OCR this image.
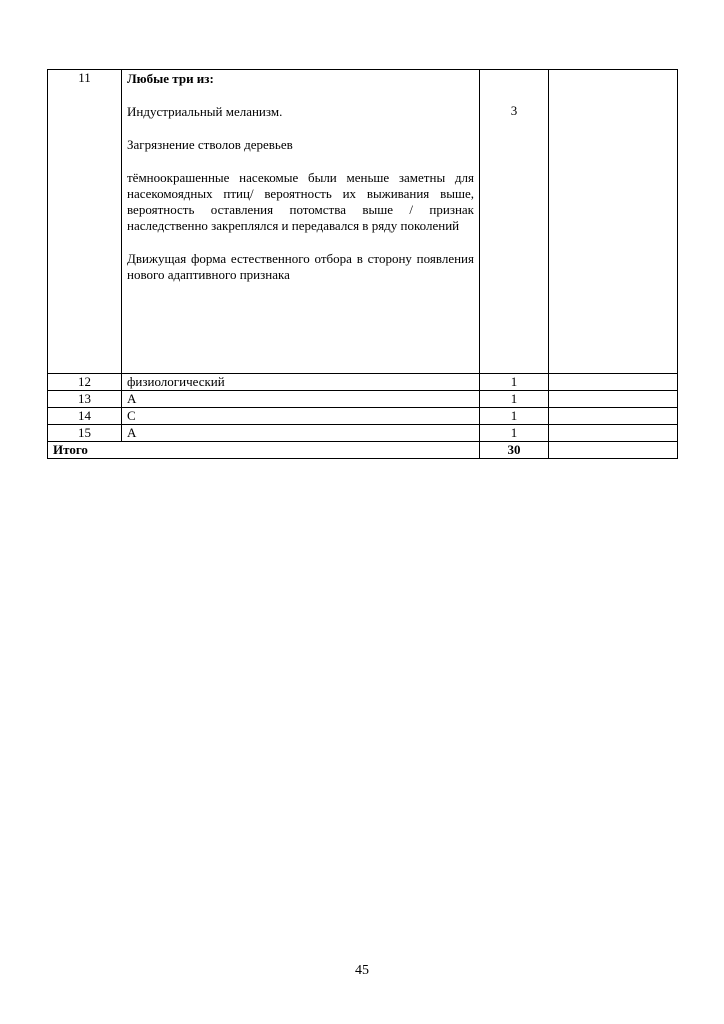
11	Любые три из:

Индустриальный меланизм.

Загрязнение стволов деревьев

тёмноокрашенные насекомые были меньше заметны для насекомоядных птиц/ вероятность их выживания выше, вероятность оставления потомства выше / признак наследственно закреплялся и передавался в ряду поколений

Движущая форма естественного отбора в сторону появления нового адаптивного признака	3	
12	физиологический	1	
13	А	1	
14	С	1	
15	А	1	
Итого		30	
45
